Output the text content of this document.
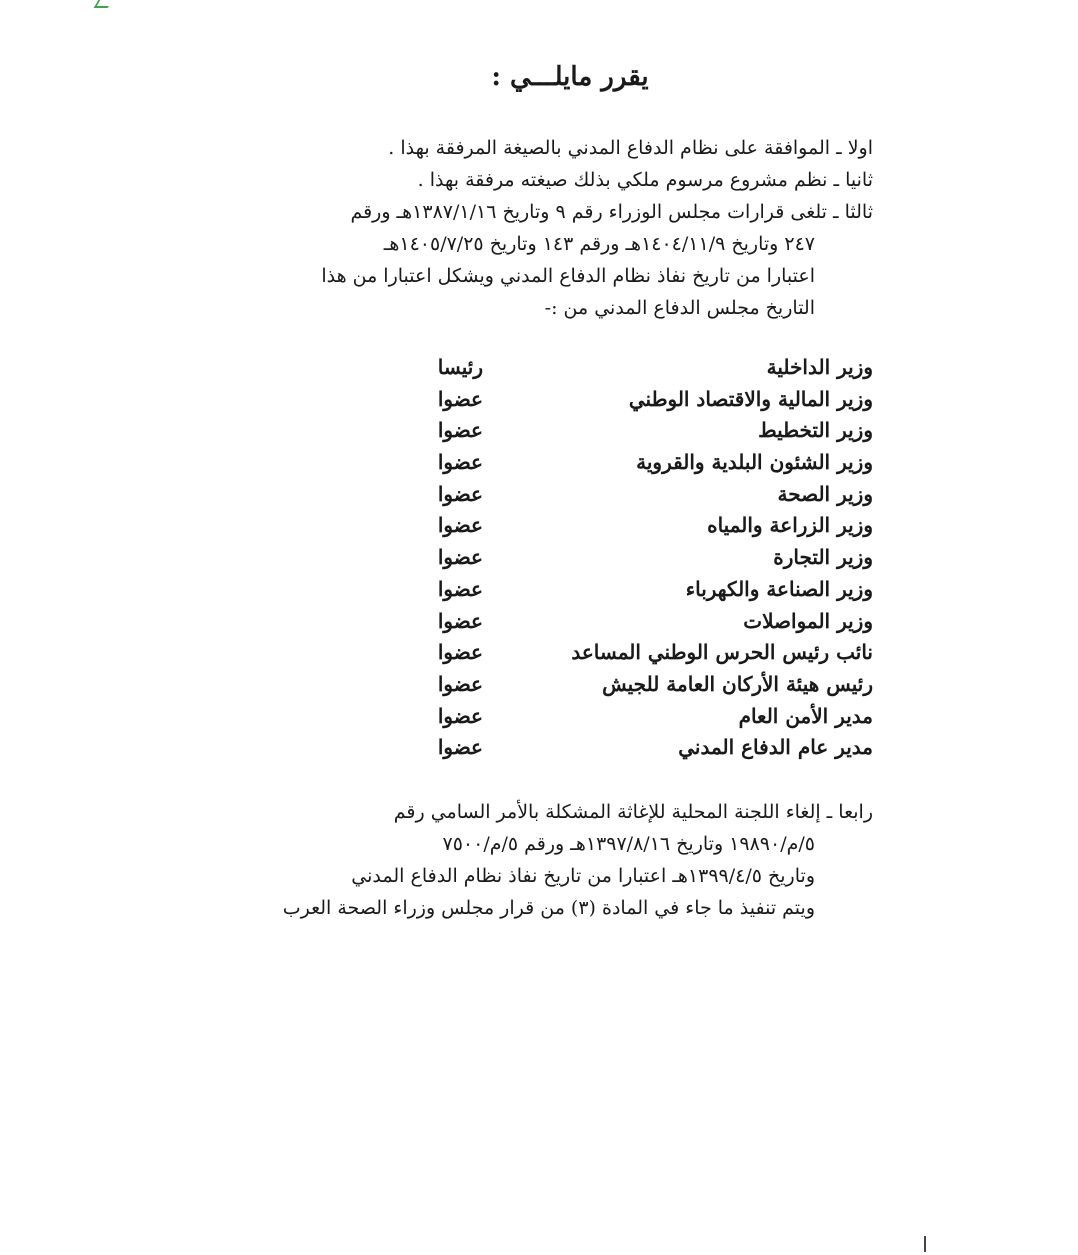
يقرر مايلـــي :
اولا ـ الموافقة على نظام الدفاع المدني بالصيغة المرفقة بهذا .
ثانيا ـ نظم مشروع مرسوم ملكي بذلك صيغته مرفقة بهذا .
ثالثا ـ تلغى قرارات مجلس الوزراء رقم ٩ وتاريخ ١٣٨٧/١/١٦هـ ورقم
٢٤٧ وتاريخ ١٤٠٤/١١/٩هـ ورقم ١٤٣ وتاريخ ١٤٠٥/٧/٢٥هـ
اعتبارا من تاريخ نفاذ نظام الدفاع المدني ويشكل اعتبارا من هذا
التاريخ مجلس الدفاع المدني من :-
وزير الداخلية
رئيسا
وزير المالية والاقتصاد الوطني
عضوا
وزير التخطيط
عضوا
وزير الشئون البلدية والقروية
عضوا
وزير الصحة
عضوا
وزير الزراعة والمياه
عضوا
وزير التجارة
عضوا
وزير الصناعة والكهرباء
عضوا
وزير المواصلات
عضوا
نائب رئيس الحرس الوطني المساعد
عضوا
رئيس هيئة الأركان العامة للجيش
عضوا
مدير الأمن العام
عضوا
مدير عام الدفاع المدني
عضوا
رابعا ـ إلغاء اللجنة المحلية للإغاثة المشكلة بالأمر السامي رقم
٥/م/١٩٨٩٠ وتاريخ ١٣٩٧/٨/١٦هـ ورقم ٥/م/٧٥٠٠
وتاريخ ١٣٩٩/٤/٥هـ اعتبارا من تاريخ نفاذ نظام الدفاع المدني
ويتم تنفيذ ما جاء في المادة (٣) من قرار مجلس وزراء الصحة العرب
